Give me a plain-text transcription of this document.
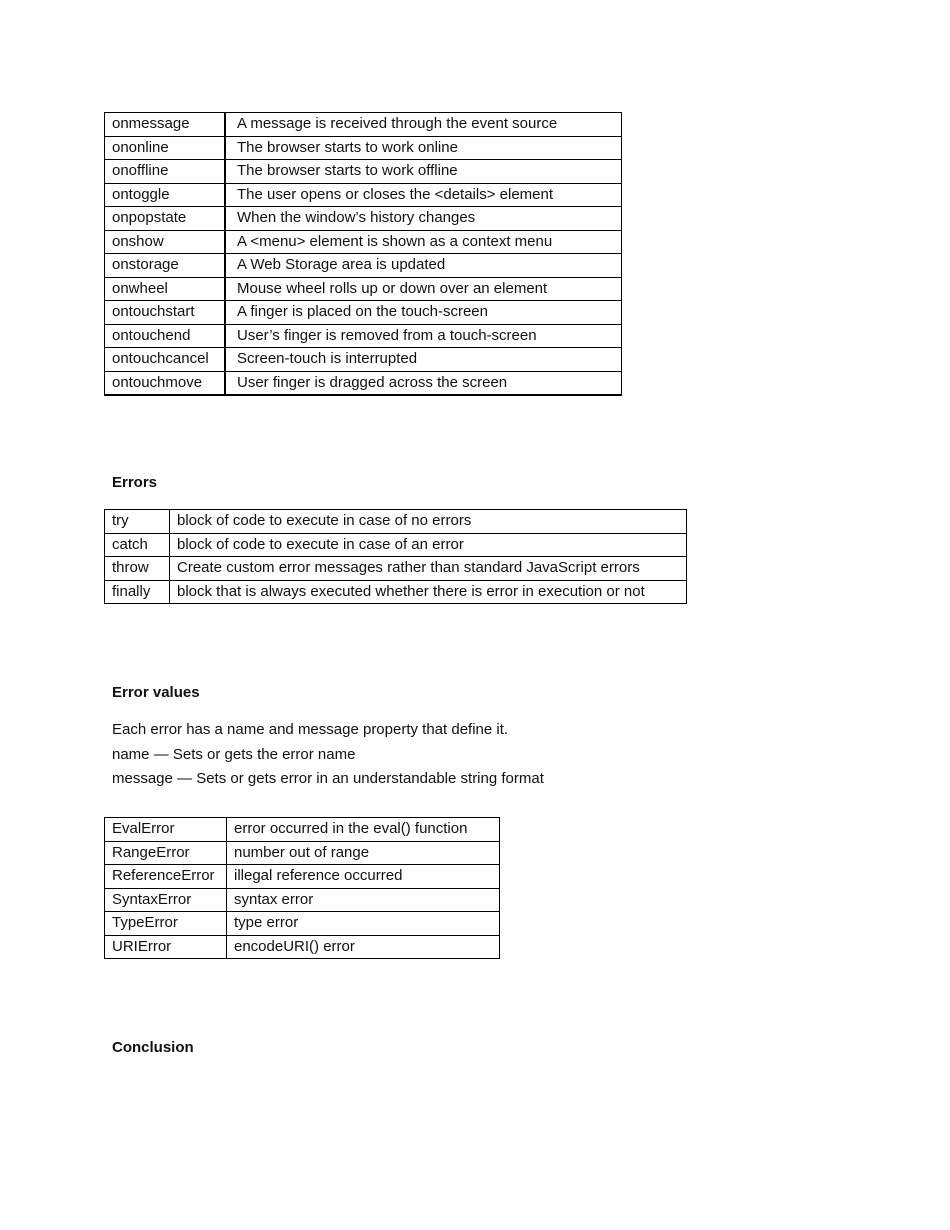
onmessage	A message is received through the event source
ononline	The browser starts to work online
onoffline	The browser starts to work offline
ontoggle	The user opens or closes the <details> element
onpopstate	When the window’s history changes
onshow	A <menu> element is shown as a context menu
onstorage	A Web Storage area is updated
onwheel	Mouse wheel rolls up or down over an element
ontouchstart	A finger is placed on the touch-screen
ontouchend	User’s finger is removed from a touch-screen
ontouchcancel	Screen-touch is interrupted
ontouchmove	User finger is dragged across the screen
Errors
try	block of code to execute in case of no errors
catch	block of code to execute in case of an error
throw	Create custom error messages rather than standard JavaScript errors
finally	block that is always executed whether there is error in execution or not
Error values
Each error has a name and message property that define it.
name — Sets or gets the error name
message — Sets or gets error in an understandable string format
EvalError	error occurred in the eval() function
RangeError	number out of range
ReferenceError	illegal reference occurred
SyntaxError	syntax error
TypeError	type error
URIError	encodeURI() error
Conclusion
